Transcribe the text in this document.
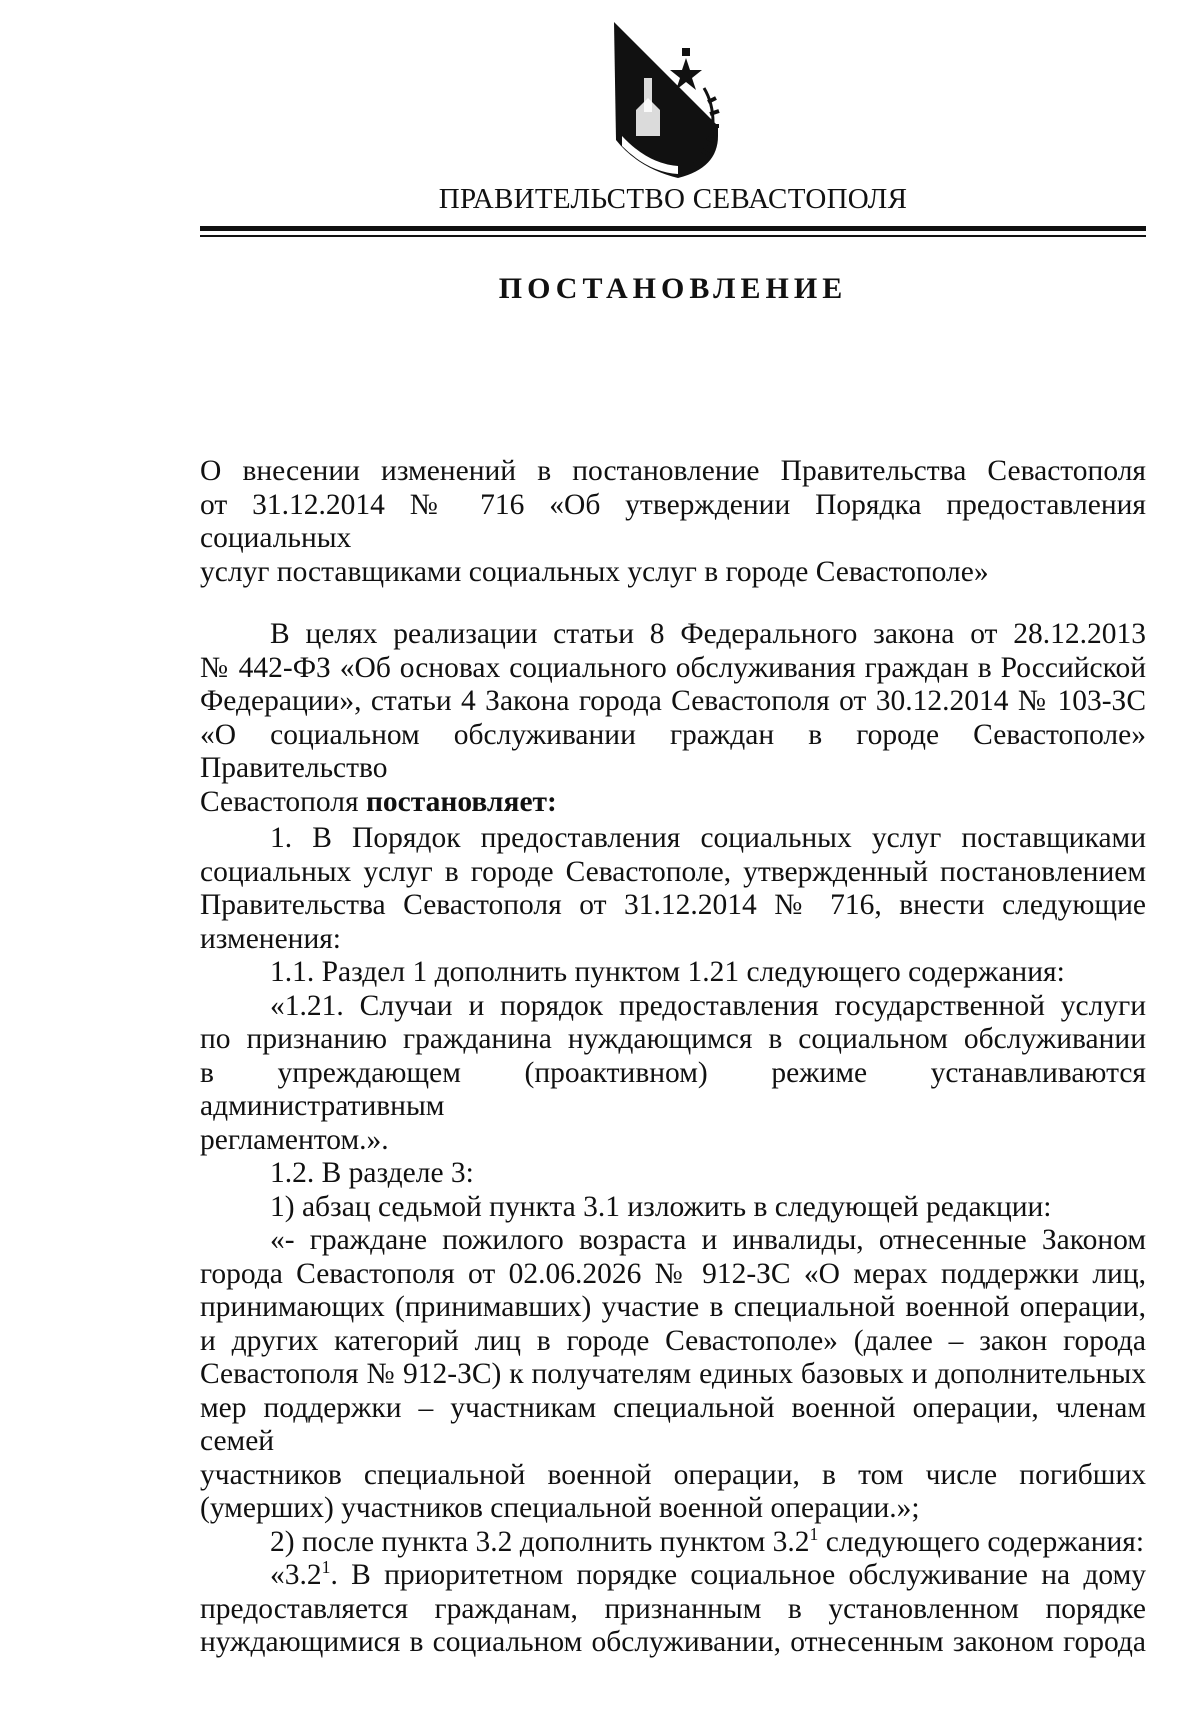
ПРАВИТЕЛЬСТВО СЕВАСТОПОЛЯ
ПОСТАНОВЛЕНИЕ

О внесении изменений в постановление Правительства Севастополя

от 31.12.2014 № 716 «Об утверждении Порядка предоставления социальных

услуг поставщиками социальных услуг в городе Севастополе»

В целях реализации статьи 8 Федерального закона от 28.12.2013

№ 442-ФЗ «Об основах социального обслуживания граждан в Российской

Федерации», статьи 4 Закона города Севастополя от 30.12.2014 № 103-ЗС

«О социальном обслуживании граждан в городе Севастополе» Правительство

Севастополя постановляет:

1. В Порядок предоставления социальных услуг поставщиками

социальных услуг в городе Севастополе, утвержденный постановлением

Правительства Севастополя от 31.12.2014 № 716, внести следующие

изменения:

1.1. Раздел 1 дополнить пунктом 1.21 следующего содержания:

«1.21. Случаи и порядок предоставления государственной услуги

по признанию гражданина нуждающимся в социальном обслуживании

в упреждающем (проактивном) режиме устанавливаются административным

регламентом.».

1.2. В разделе 3:

1) абзац седьмой пункта 3.1 изложить в следующей редакции:

«- граждане пожилого возраста и инвалиды, отнесенные Законом

города Севастополя от 02.06.2026 № 912-ЗС «О мерах поддержки лиц,

принимающих (принимавших) участие в специальной военной операции,

и других категорий лиц в городе Севастополе» (далее – закон города

Севастополя № 912-ЗС) к получателям единых базовых и дополнительных

мер поддержки – участникам специальной военной операции, членам семей

участников специальной военной операции, в том числе погибших

(умерших) участников специальной военной операции.»;

2) после пункта 3.2 дополнить пунктом $3.2^1$ следующего содержания:

«$3.2^1$. В приоритетном порядке социальное обслуживание на дому

предоставляется гражданам, признанным в установленном порядке

нуждающимися в социальном обслуживании, отнесенным законом города
